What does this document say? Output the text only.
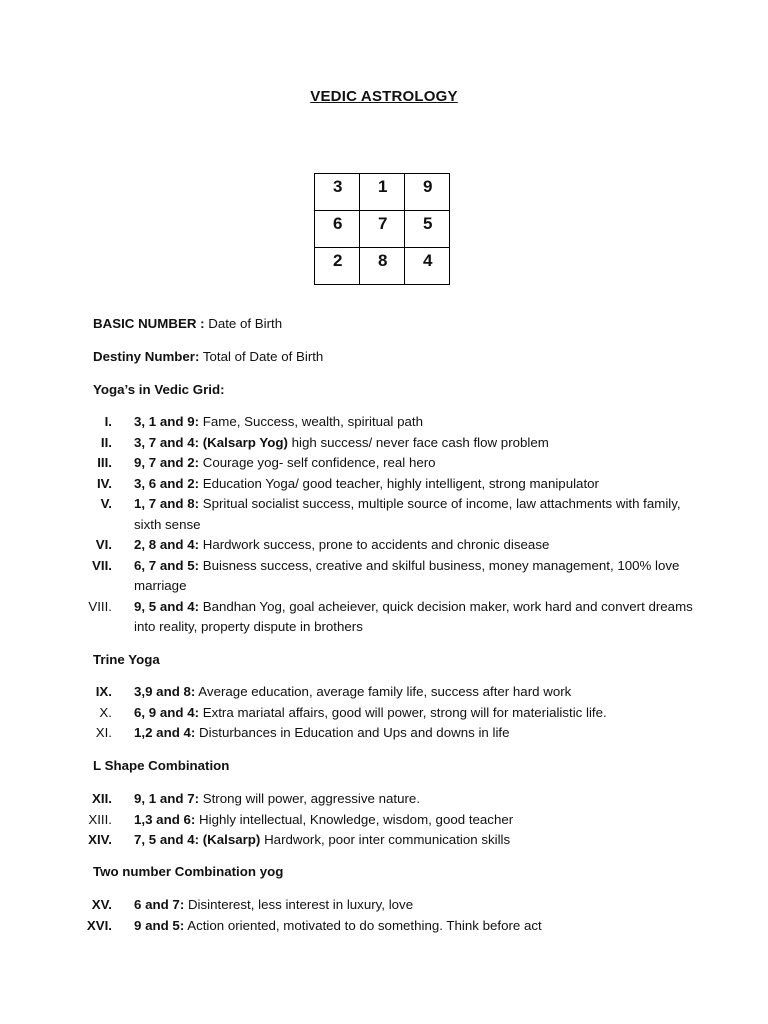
VEDIC ASTROLOGY
3	1	9
6	7	5
2	8	4
BASIC NUMBER : Date of Birth
Destiny Number: Total of Date of Birth
Yoga’s in Vedic Grid:
I.	3, 1 and 9: Fame, Success, wealth, spiritual path
II.	3, 7 and 4: (Kalsarp Yog) high success/ never face cash flow problem
III.	9, 7 and 2: Courage yog- self confidence, real hero
IV.	3, 6 and 2: Education Yoga/ good teacher, highly intelligent, strong manipulator
V.	1, 7 and 8: Spritual socialist success, multiple source of income, law attachments with family, sixth sense
VI.	2, 8 and 4: Hardwork success, prone to accidents and chronic disease
VII.	6, 7 and 5: Buisness success, creative and skilful business, money management, 100% love marriage
VIII.	9, 5 and 4: Bandhan Yog, goal acheiever, quick decision maker, work hard and convert dreams into reality, property dispute in brothers
Trine Yoga
IX.	3,9 and 8: Average education, average family life, success after hard work
X.	6, 9 and 4: Extra mariatal affairs, good will power, strong will for materialistic life.
XI.	1,2 and 4: Disturbances in Education and Ups and downs in life
L Shape Combination
XII.	9, 1 and 7: Strong will power, aggressive nature.
XIII.	1,3 and 6: Highly intellectual, Knowledge, wisdom, good teacher
XIV.	7, 5 and 4: (Kalsarp) Hardwork, poor inter communication skills
Two number Combination yog
XV.	6 and 7: Disinterest, less interest in luxury, love
XVI.	9 and 5: Action oriented, motivated to do something. Think before act
